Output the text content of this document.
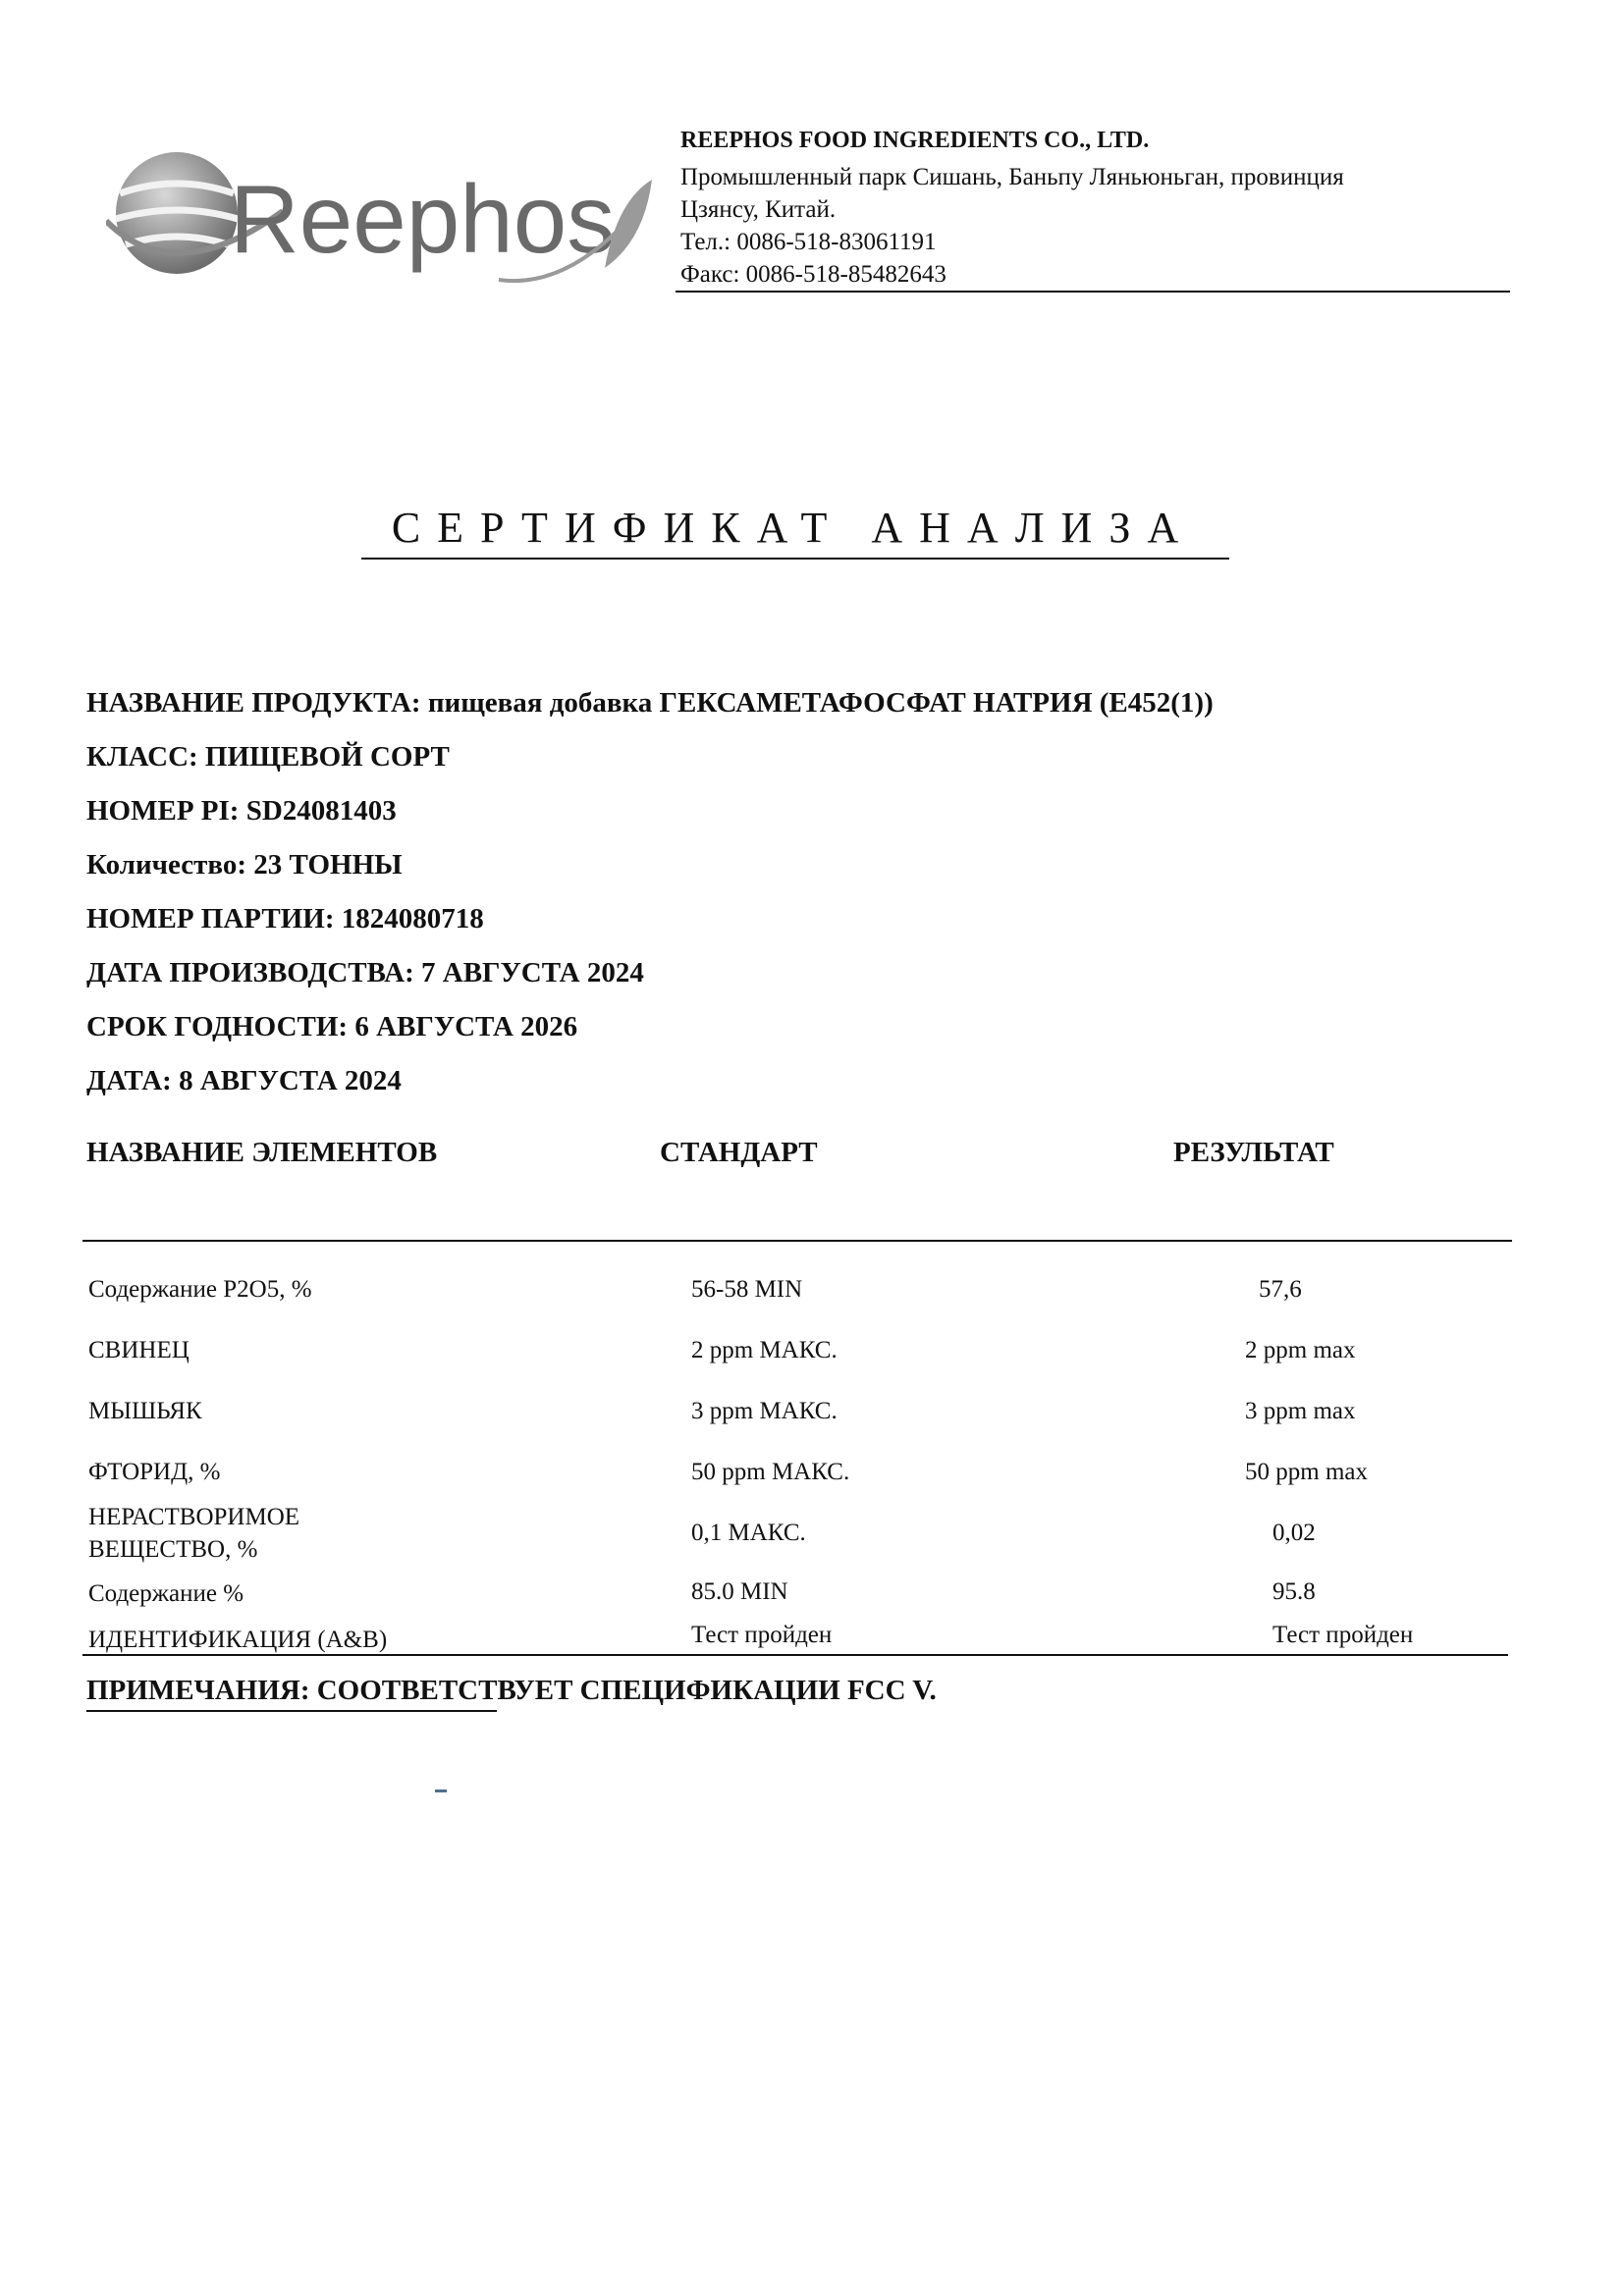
Reephos
REEPHOS FOOD INGREDIENTS CO., LTD.
Промышленный парк Сишань, Баньпу Ляньюньган, провинция
Цзянсу, Китай.
Тел.: 0086-518-83061191
Факс: 0086-518-85482643
СЕРТИФИКАТ АНАЛИЗА
НАЗВАНИЕ ПРОДУКТА: пищевая добавка ГЕКСАМЕТАФОСФАТ НАТРИЯ (E452(1))
КЛАСС: ПИЩЕВОЙ СОРТ
НОМЕР PI: SD24081403
Количество: 23 ТОННЫ
НОМЕР ПАРТИИ: 1824080718
ДАТА ПРОИЗВОДСТВА: 7 АВГУСТА 2024
СРОК ГОДНОСТИ: 6 АВГУСТА 2026
ДАТА: 8 АВГУСТА 2024
НАЗВАНИЕ ЭЛЕМЕНТОВ	СТАНДАРТ	РЕЗУЛЬТАТ
Содержание P2O5, %	56-58 MIN	57,6
СВИНЕЦ	2 ppm МАКС.	2 ppm max
МЫШЬЯК	3 ppm МАКС.	3 ppm max
ФТОРИД, %	50 ppm МАКС.	50 ppm max
НЕРАСТВОРИМОЕ
ВЕЩЕСТВО, %
0,1 МАКС.	0,02
Содержание %	85.0 MIN	95.8
ИДЕНТИФИКАЦИЯ (A&B)	Тест пройден	Тест пройден
ПРИМЕЧАНИЯ: СООТВЕТСТВУЕТ СПЕЦИФИКАЦИИ FCC V.
